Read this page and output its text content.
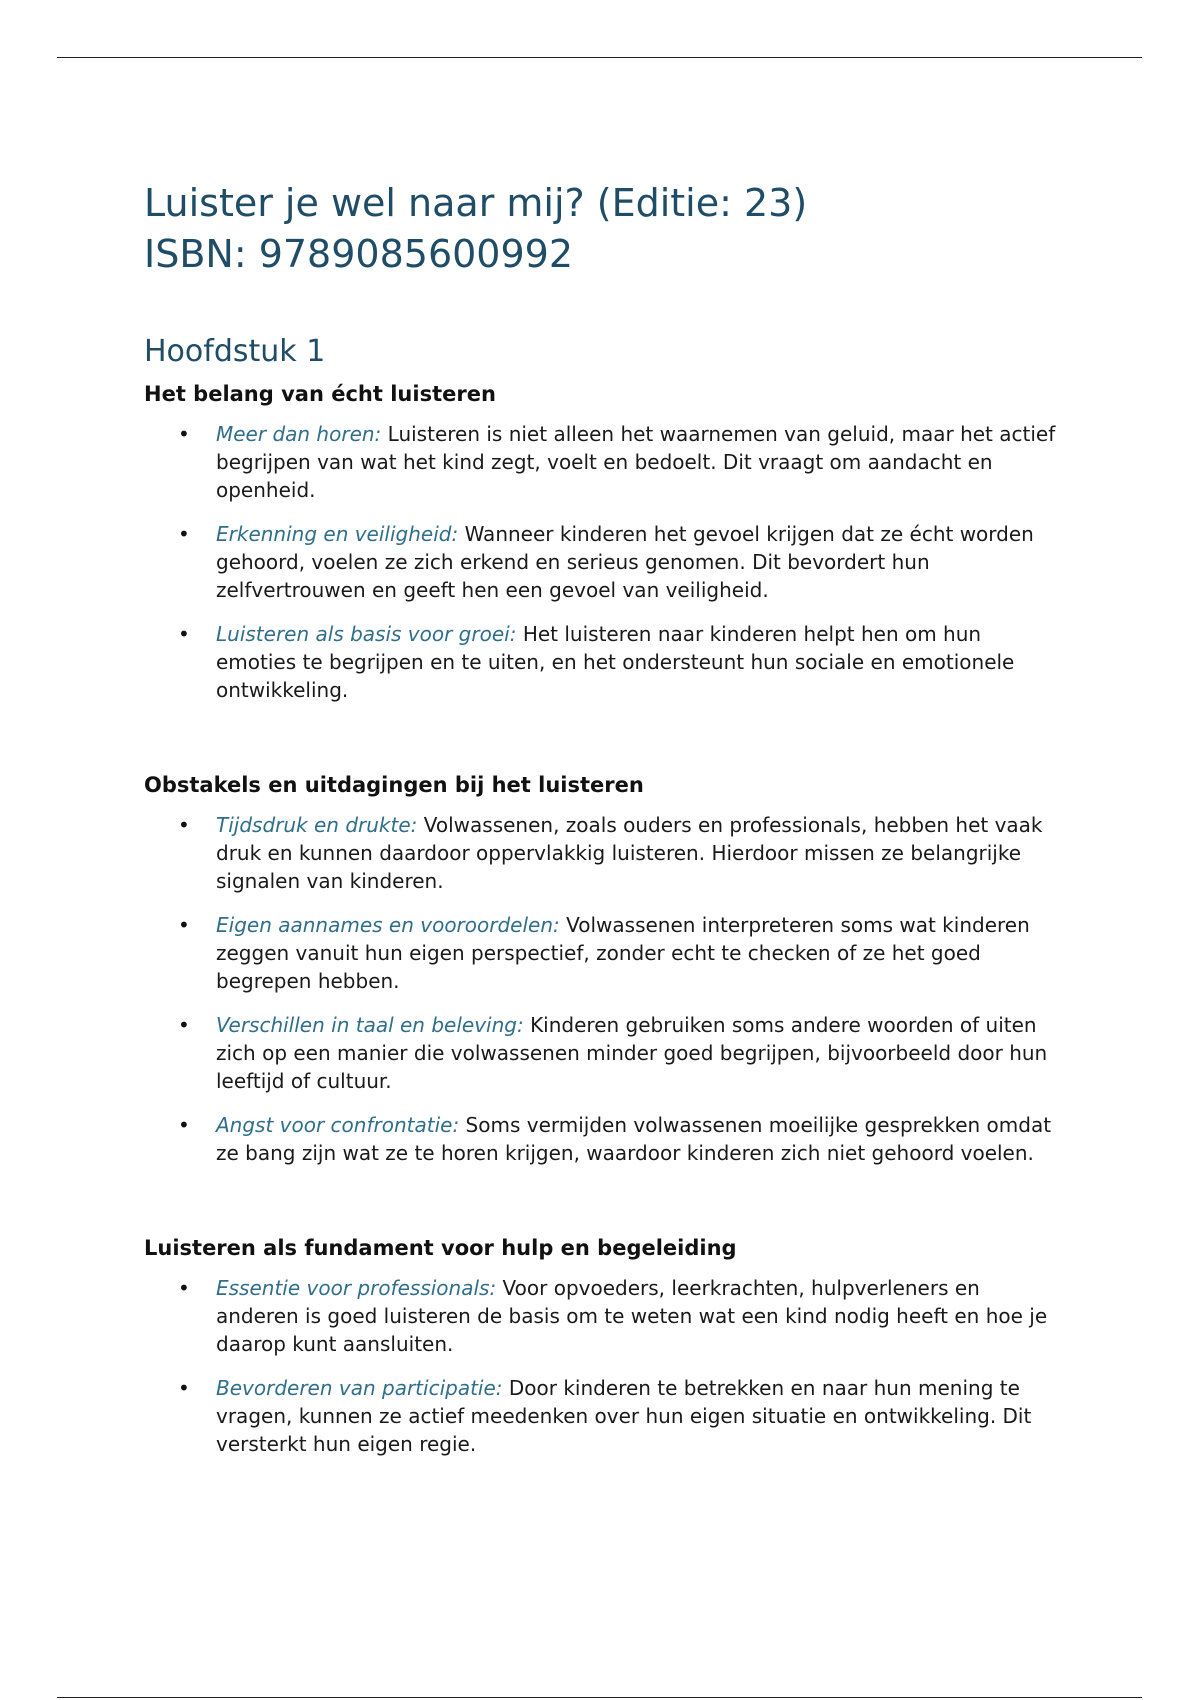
Luister je wel naar mij? (Editie: 23)
ISBN: 9789085600992
Hoofdstuk 1
Het belang van écht luisteren
• Meer dan horen: Luisteren is niet alleen het waarnemen van geluid, maar het actief begrijpen van wat het kind zegt, voelt en bedoelt. Dit vraagt om aandacht en openheid.
• Erkenning en veiligheid: Wanneer kinderen het gevoel krijgen dat ze écht worden gehoord, voelen ze zich erkend en serieus genomen. Dit bevordert hun zelfvertrouwen en geeft hen een gevoel van veiligheid.
• Luisteren als basis voor groei: Het luisteren naar kinderen helpt hen om hun emoties te begrijpen en te uiten, en het ondersteunt hun sociale en emotionele ontwikkeling.
Obstakels en uitdagingen bij het luisteren
• Tijdsdruk en drukte: Volwassenen, zoals ouders en professionals, hebben het vaak druk en kunnen daardoor oppervlakkig luisteren. Hierdoor missen ze belangrijke signalen van kinderen.
• Eigen aannames en vooroordelen: Volwassenen interpreteren soms wat kinderen zeggen vanuit hun eigen perspectief, zonder echt te checken of ze het goed begrepen hebben.
• Verschillen in taal en beleving: Kinderen gebruiken soms andere woorden of uiten zich op een manier die volwassenen minder goed begrijpen, bijvoorbeeld door hun leeftijd of cultuur.
• Angst voor confrontatie: Soms vermijden volwassenen moeilijke gesprekken omdat ze bang zijn wat ze te horen krijgen, waardoor kinderen zich niet gehoord voelen.
Luisteren als fundament voor hulp en begeleiding
• Essentie voor professionals: Voor opvoeders, leerkrachten, hulpverleners en anderen is goed luisteren de basis om te weten wat een kind nodig heeft en hoe je daarop kunt aansluiten.
• Bevorderen van participatie: Door kinderen te betrekken en naar hun mening te vragen, kunnen ze actief meedenken over hun eigen situatie en ontwikkeling. Dit versterkt hun eigen regie.
